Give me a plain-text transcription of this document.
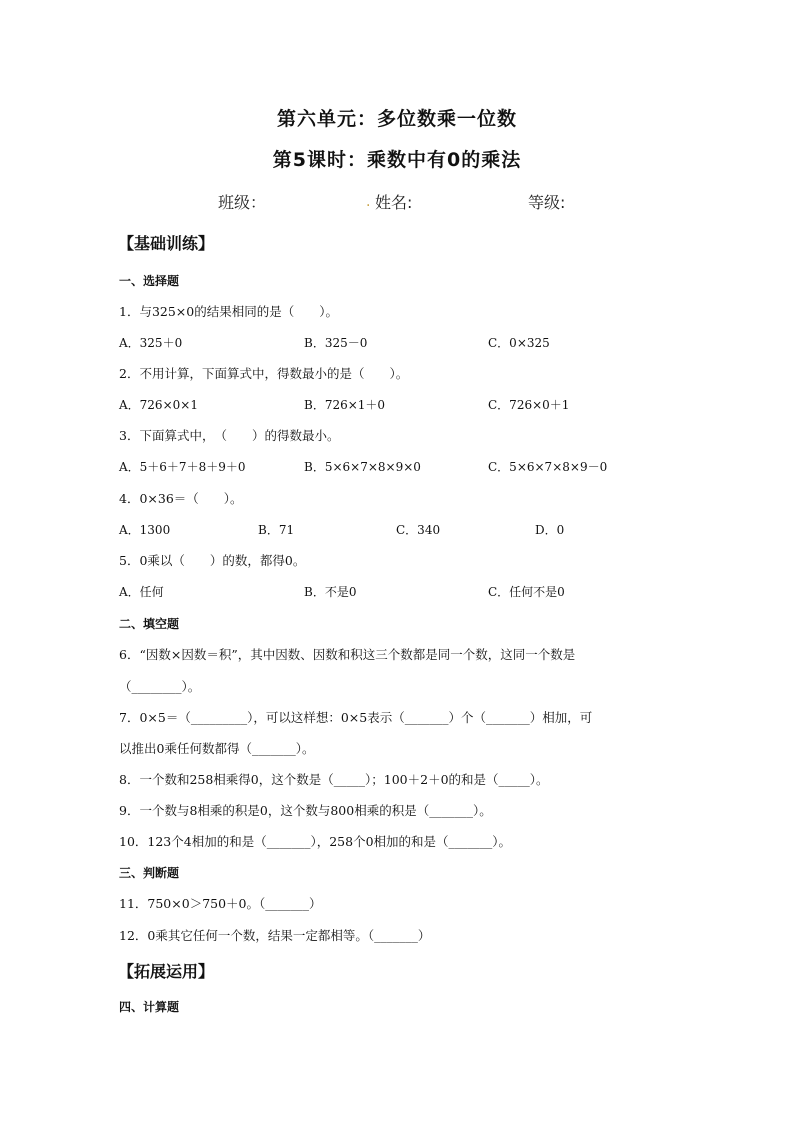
第六单元：多位数乘一位数
第5课时：乘数中有0的乘法
班级：	. 姓名:	等级:
【基础训练】
一、选择题
1．与325×0的结果相同的是（　　）。
A．325＋0	B．325－0	C．0×325
2．不用计算，下面算式中，得数最小的是（　　）。
A．726×0×1	B．726×1＋0	C．726×0＋1
3．下面算式中，　（　　）的得数最小。
A．5＋6＋7＋8＋9＋0	B．5×6×7×8×9×0	C．5×6×7×8×9－0
4．0×36＝（　　）。
A．1300	B．71	C．340	D．0
5．0乘以（　　）的数，都得0。
A．任何	B．不是0	C．任何不是0
二、填空题
6．“因数×因数＝积”，其中因数、因数和积这三个数都是同一个数，这同一个数是
（________）。
7．0×5＝（_________），可以这样想：0×5表示（_______）个（_______）相加，可
以推出0乘任何数都得（_______）。
8．一个数和258相乘得0，这个数是（_____）；100＋2＋0的和是（_____）。
9．一个数与8相乘的积是0，这个数与800相乘的积是（_______）。
10．123个4相加的和是（_______），258个0相加的和是（_______）。
三、判断题
11．750×0＞750＋0。（_______）
12．0乘其它任何一个数，结果一定都相等。（_______）
【拓展运用】
四、计算题
